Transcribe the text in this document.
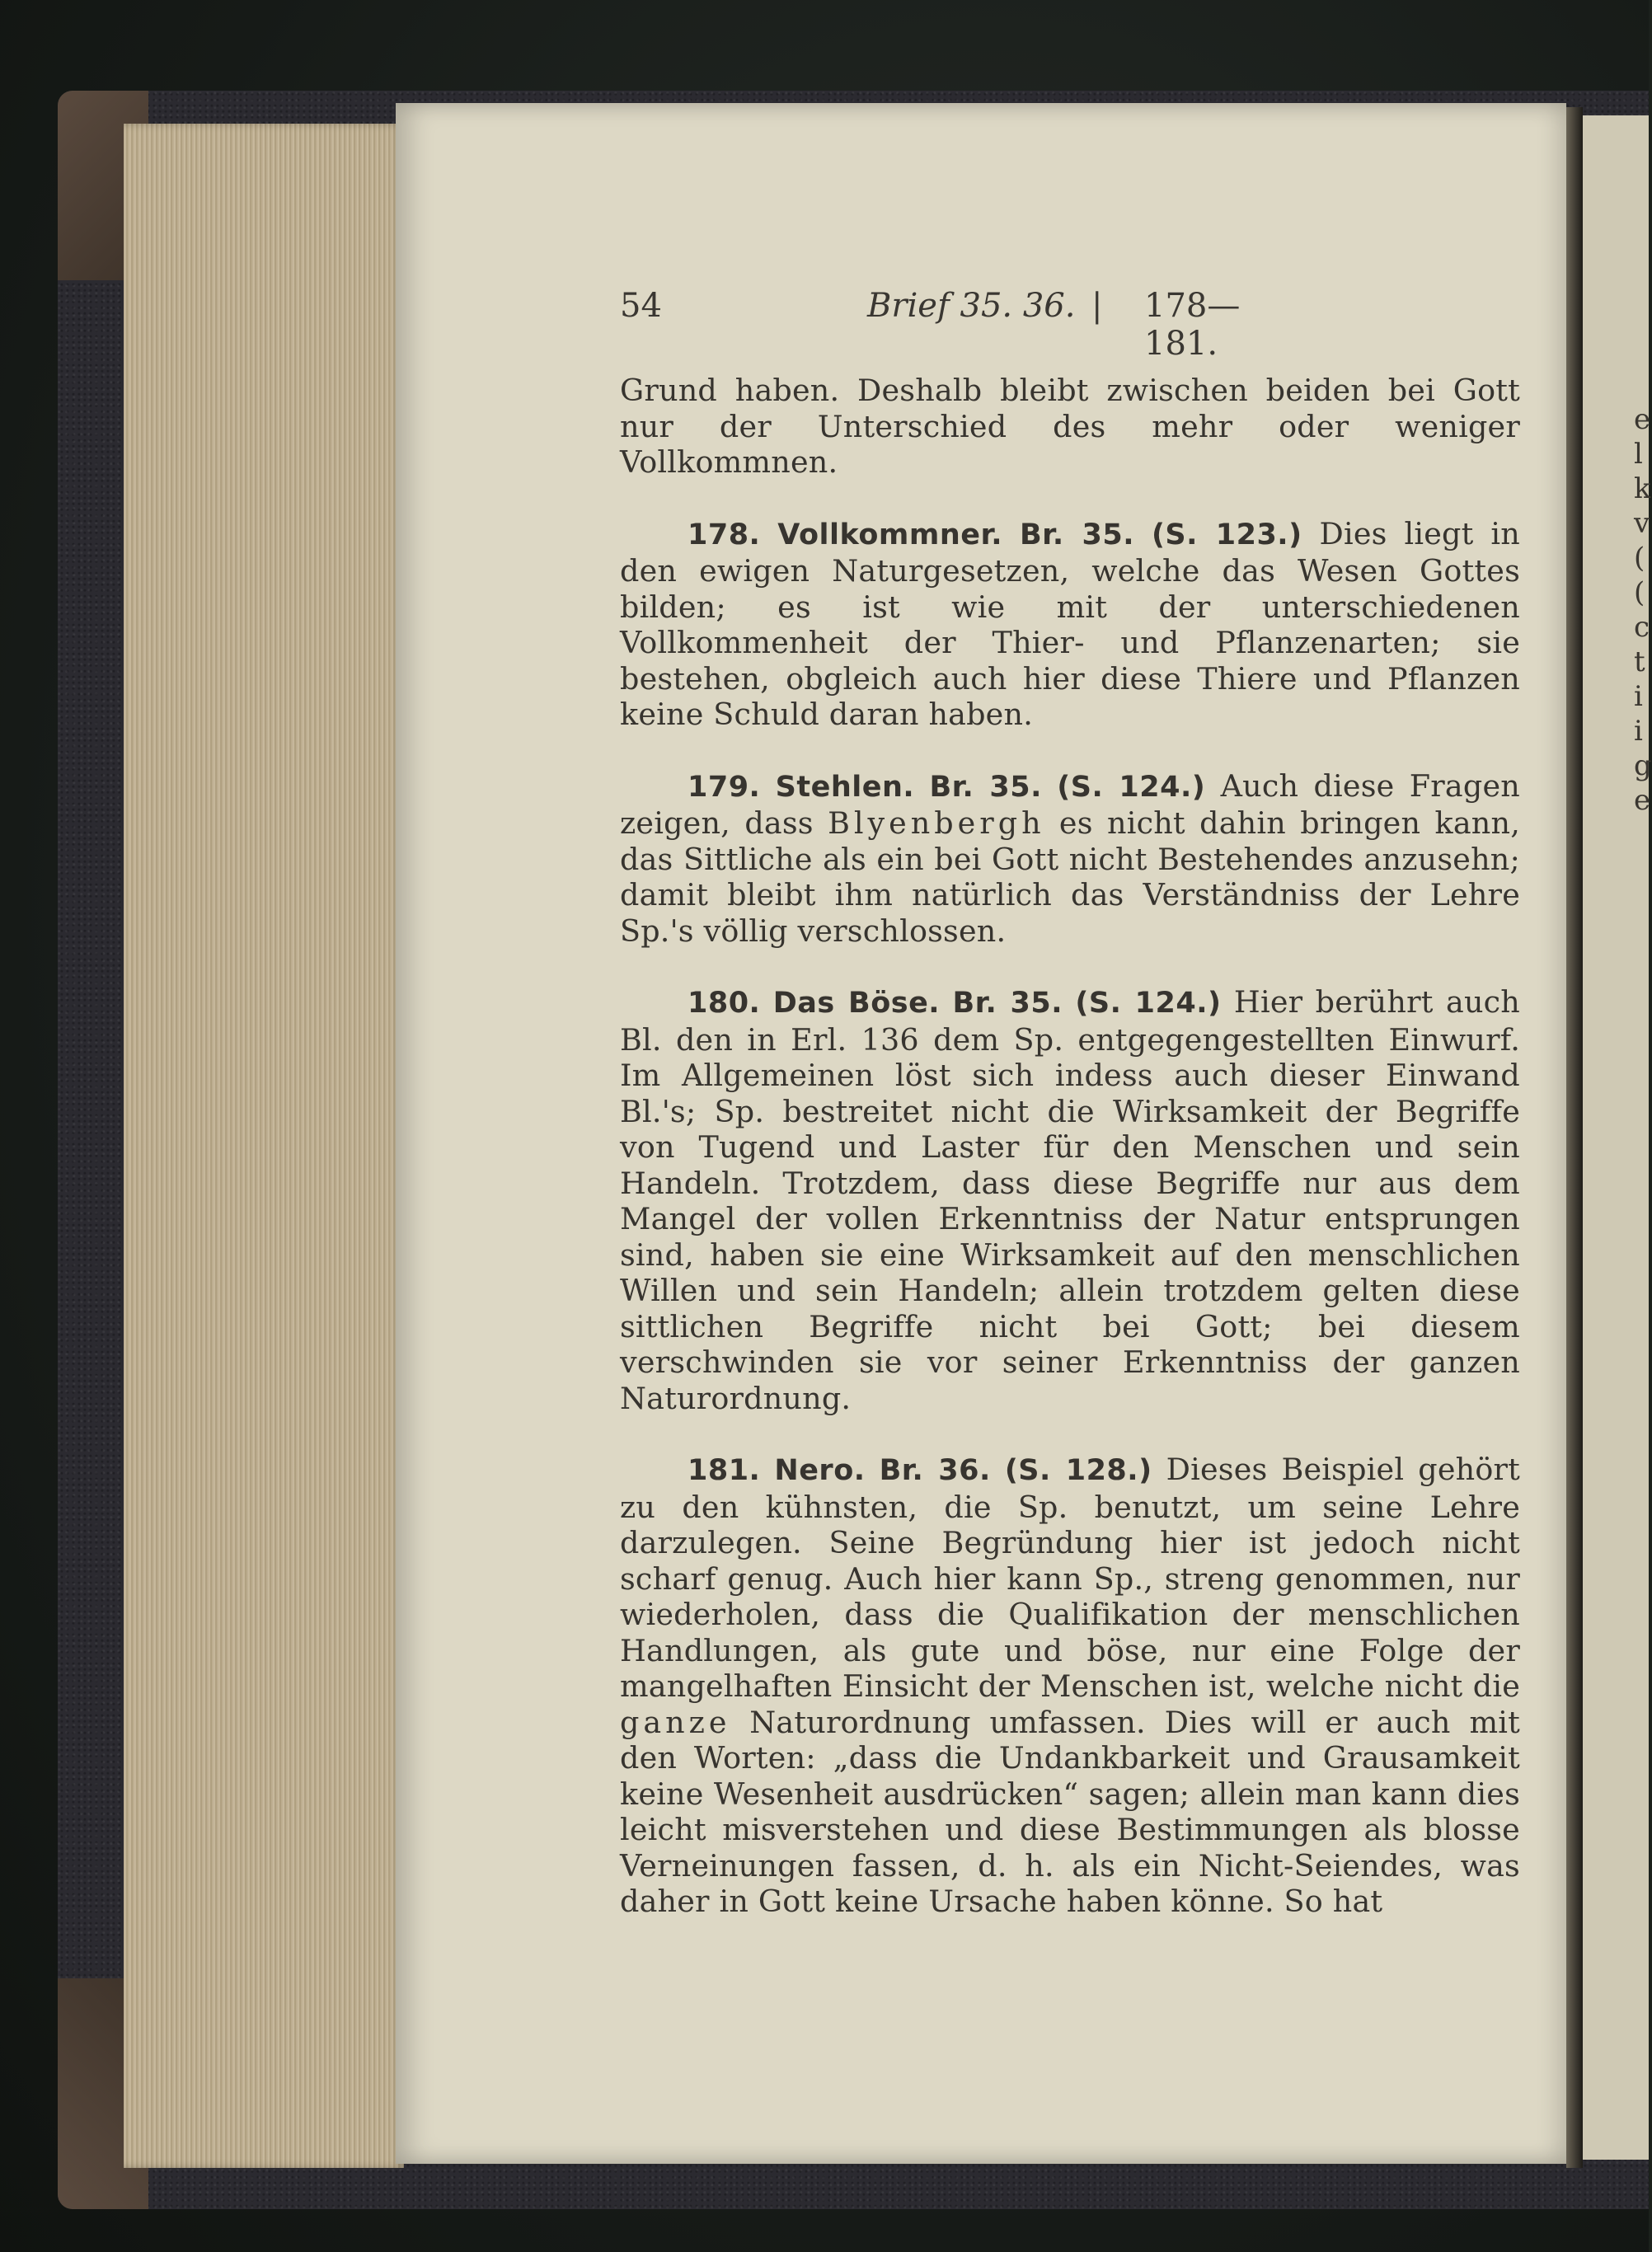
e
l
k
v
(
(
c
t
i
i
g
e
54	Brief 35. 36. | 178—181.

Grund haben. Deshalb bleibt zwischen beiden bei Gott nur der Unterschied des mehr oder weniger Vollkommnen.

178. Vollkommner. Br. 35. (S. 123.) Dies liegt in den ewigen Naturgesetzen, welche das Wesen Gottes bilden; es ist wie mit der unterschiedenen Vollkommenheit der Thier- und Pflanzenarten; sie bestehen, obgleich auch hier diese Thiere und Pflanzen keine Schuld daran haben.

179. Stehlen. Br. 35. (S. 124.) Auch diese Fragen zeigen, dass Blyenbergh es nicht dahin bringen kann, das Sittliche als ein bei Gott nicht Bestehendes anzusehn; damit bleibt ihm natürlich das Verständniss der Lehre Sp.'s völlig verschlossen.

180. Das Böse. Br. 35. (S. 124.) Hier berührt auch Bl. den in Erl. 136 dem Sp. entgegengestellten Einwurf. Im Allgemeinen löst sich indess auch dieser Einwand Bl.'s; Sp. bestreitet nicht die Wirksamkeit der Begriffe von Tugend und Laster für den Menschen und sein Handeln. Trotzdem, dass diese Begriffe nur aus dem Mangel der vollen Erkenntniss der Natur entsprungen sind, haben sie eine Wirksamkeit auf den menschlichen Willen und sein Handeln; allein trotzdem gelten diese sittlichen Begriffe nicht bei Gott; bei diesem verschwinden sie vor seiner Erkenntniss der ganzen Naturordnung.

181. Nero. Br. 36. (S. 128.) Dieses Beispiel gehört zu den kühnsten, die Sp. benutzt, um seine Lehre darzulegen. Seine Begründung hier ist jedoch nicht scharf genug. Auch hier kann Sp., streng genommen, nur wiederholen, dass die Qualifikation der menschlichen Handlungen, als gute und böse, nur eine Folge der mangelhaften Einsicht der Menschen ist, welche nicht die ganze Naturordnung umfassen. Dies will er auch mit den Worten: „dass die Undankbarkeit und Grausamkeit keine Wesenheit ausdrücken“ sagen; allein man kann dies leicht misverstehen und diese Bestimmungen als blosse Verneinungen fassen, d. h. als ein Nicht-Seiendes, was daher in Gott keine Ursache haben könne. So hat
